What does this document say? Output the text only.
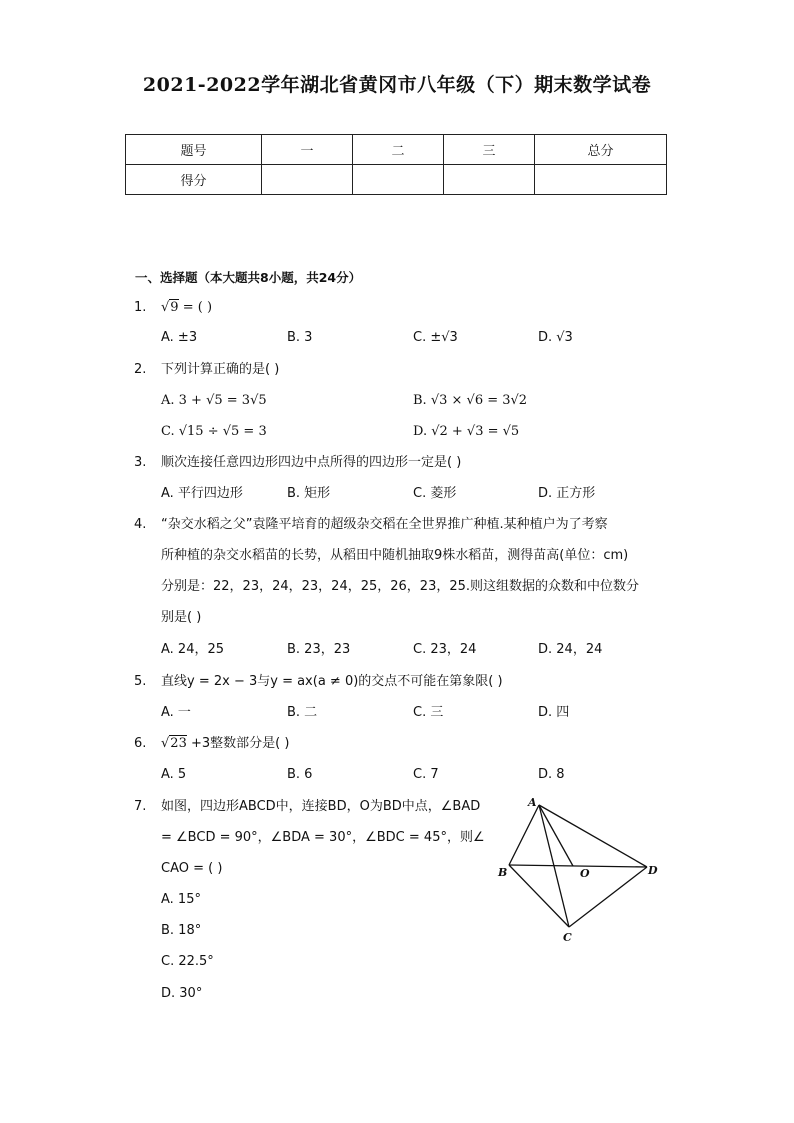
2021-2022学年湖北省黄冈市八年级（下）期末数学试卷
题号	一	二	三	总分
得分				
一、选择题（本大题共8小题，共24分）
1. √9 = ( )
A. ±3	B. 3	C. ±√3	D. √3
2. 下列计算正确的是( )
A. 3 + √5 = 3√5	B. √3 × √6 = 3√2
C. √15 ÷ √5 = 3	D. √2 + √3 = √5
3. 顺次连接任意四边形四边中点所得的四边形一定是( )
A. 平行四边形	B. 矩形	C. 菱形	D. 正方形
4. “杂交水稻之父”袁隆平培育的超级杂交稻在全世界推广种植.某种植户为了考察
所种植的杂交水稻苗的长势，从稻田中随机抽取9株水稻苗，测得苗高(单位：cm)
分别是：22，23，24，23，24，25，26，23，25.则这组数据的众数和中位数分
别是( )
A. 24，25	B. 23，23	C. 23，24	D. 24，24
5. 直线y = 2x − 3与y = ax(a ≠ 0)的交点不可能在第象限( )
A. 一	B. 二	C. 三	D. 四
6. √23 +3整数部分是( )
A. 5	B. 6	C. 7	D. 8
7. 如图，四边形ABCD中，连接BD，O为BD中点，∠BAD
= ∠BCD = 90°，∠BDA = 30°，∠BDC = 45°，则∠
CAO = ( )
A. 15°
B. 18°
C. 22.5°
D. 30°
A
B
C
D
O
